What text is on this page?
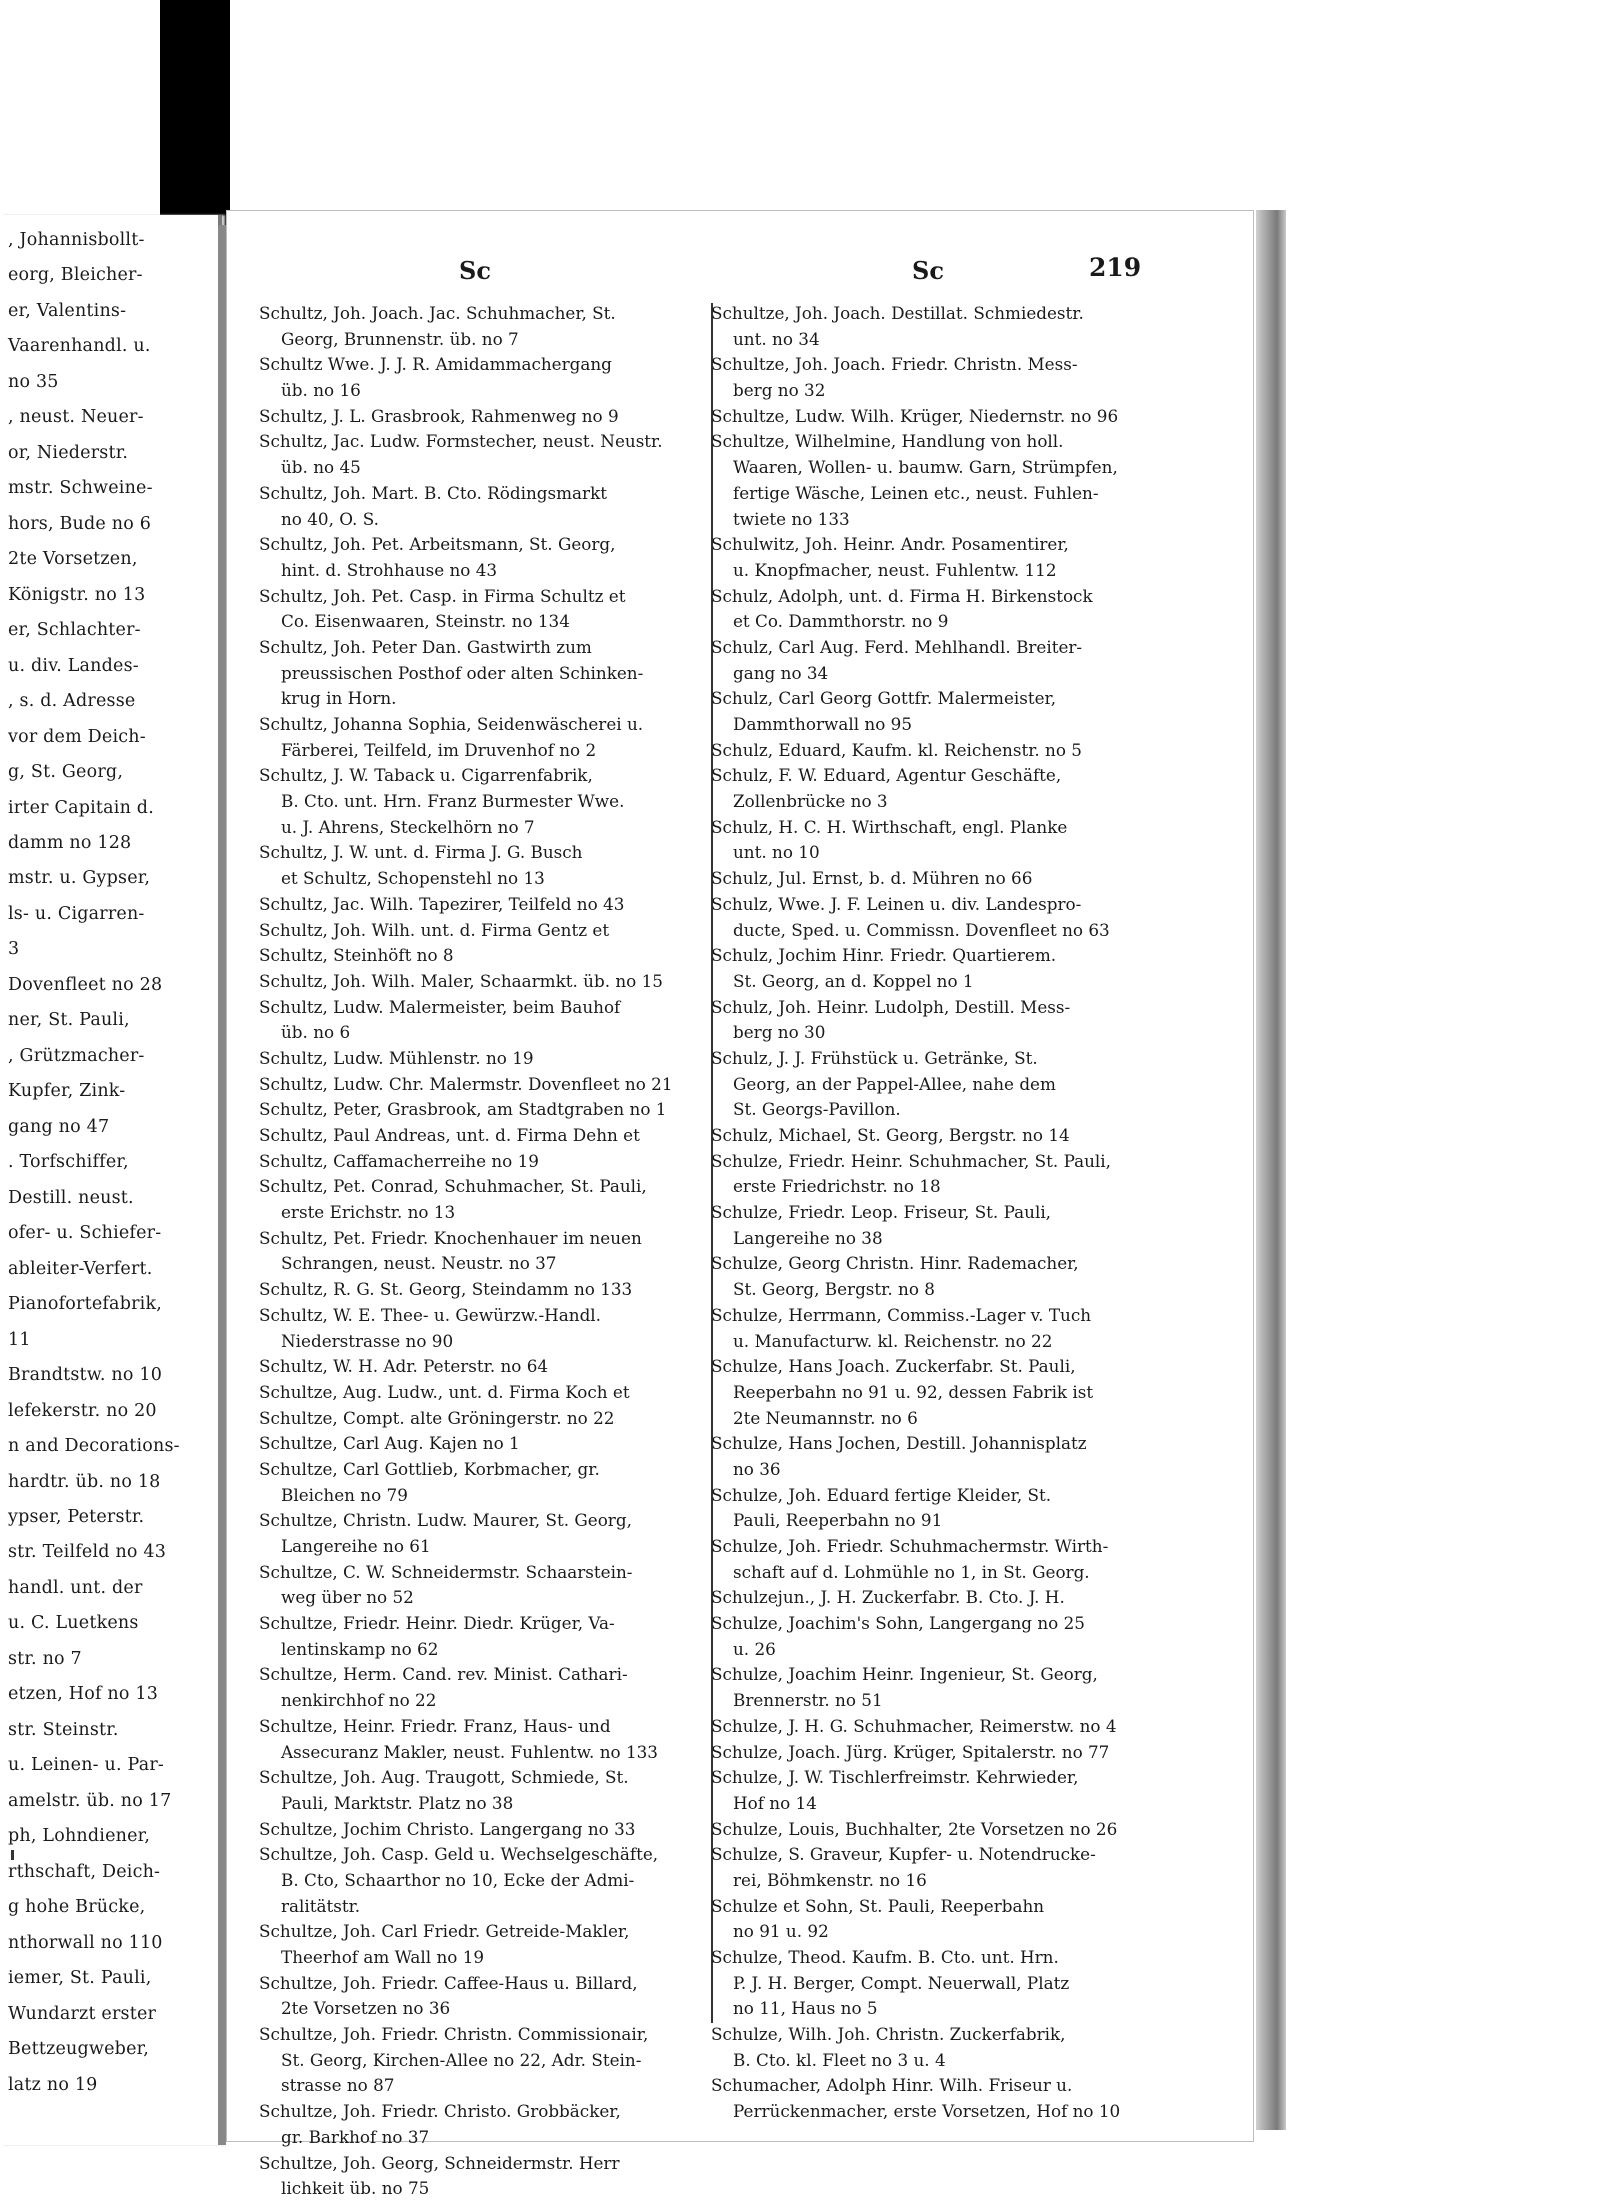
, Johannisbollt-
eorg, Bleicher-
er, Valentins-
Vaarenhandl. u.
no 35
, neust. Neuer-
or, Niederstr.
mstr. Schweine-
hors, Bude no 6
2te Vorsetzen,
Königstr. no 13
er, Schlachter-
u. div. Landes-
, s. d. Adresse
vor dem Deich-
g, St. Georg,
irter Capitain d.
damm no 128
mstr. u. Gypser,
ls- u. Cigarren-
3
Dovenfleet no 28
ner, St. Pauli,
, Grützmacher-
Kupfer, Zink-
gang no 47
. Torfschiffer,
Destill. neust.
ofer- u. Schiefer-
ableiter-Verfert.
Pianofortefabrik,
11
Brandtstw. no 10
lefekerstr. no 20
n and Decorations-
hardtr. üb. no 18
ypser, Peterstr.
str. Teilfeld no 43
handl. unt. der
u. C. Luetkens
str. no 7
etzen, Hof no 13
str. Steinstr.
u. Leinen- u. Par-
amelstr. üb. no 17
ph, Lohndiener,
rthschaft, Deich-
g hohe Brücke,
nthorwall no 110
iemer, St. Pauli,
Wundarzt erster
Bettzeugweber,
latz no 19
Sc	Sc	219
Schultz, Joh. Joach. Jac. Schuhmacher, St.
Georg, Brunnenstr. üb. no 7
Schultz Wwe. J. J. R. Amidammachergang
üb. no 16
Schultz, J. L. Grasbrook, Rahmenweg no 9
Schultz, Jac. Ludw. Formstecher, neust. Neustr.
üb. no 45
Schultz, Joh. Mart. B. Cto. Rödingsmarkt
no 40, O. S.
Schultz, Joh. Pet. Arbeitsmann, St. Georg,
hint. d. Strohhause no 43
Schultz, Joh. Pet. Casp. in Firma Schultz et
Co. Eisenwaaren, Steinstr. no 134
Schultz, Joh. Peter Dan. Gastwirth zum
preussischen Posthof oder alten Schinken-
krug in Horn.
Schultz, Johanna Sophia, Seidenwäscherei u.
Färberei, Teilfeld, im Druvenhof no 2
Schultz, J. W. Taback u. Cigarrenfabrik,
B. Cto. unt. Hrn. Franz Burmester Wwe.
u. J. Ahrens, Steckelhörn no 7
Schultz, J. W. unt. d. Firma J. G. Busch
et Schultz, Schopenstehl no 13
Schultz, Jac. Wilh. Tapezirer, Teilfeld no 43
Schultz, Joh. Wilh. unt. d. Firma Gentz et
Schultz, Steinhöft no 8
Schultz, Joh. Wilh. Maler, Schaarmkt. üb. no 15
Schultz, Ludw. Malermeister, beim Bauhof
üb. no 6
Schultz, Ludw. Mühlenstr. no 19
Schultz, Ludw. Chr. Malermstr. Dovenfleet no 21
Schultz, Peter, Grasbrook, am Stadtgraben no 1
Schultz, Paul Andreas, unt. d. Firma Dehn et
Schultz, Caffamacherreihe no 19
Schultz, Pet. Conrad, Schuhmacher, St. Pauli,
erste Erichstr. no 13
Schultz, Pet. Friedr. Knochenhauer im neuen
Schrangen, neust. Neustr. no 37
Schultz, R. G. St. Georg, Steindamm no 133
Schultz, W. E. Thee- u. Gewürzw.-Handl.
Niederstrasse no 90
Schultz, W. H. Adr. Peterstr. no 64
Schultze, Aug. Ludw., unt. d. Firma Koch et
Schultze, Compt. alte Gröningerstr. no 22
Schultze, Carl Aug. Kajen no 1
Schultze, Carl Gottlieb, Korbmacher, gr.
Bleichen no 79
Schultze, Christn. Ludw. Maurer, St. Georg,
Langereihe no 61
Schultze, C. W. Schneidermstr. Schaarstein-
weg über no 52
Schultze, Friedr. Heinr. Diedr. Krüger, Va-
lentinskamp no 62
Schultze, Herm. Cand. rev. Minist. Cathari-
nenkirchhof no 22
Schultze, Heinr. Friedr. Franz, Haus- und
Assecuranz Makler, neust. Fuhlentw. no 133
Schultze, Joh. Aug. Traugott, Schmiede, St.
Pauli, Marktstr. Platz no 38
Schultze, Jochim Christo. Langergang no 33
Schultze, Joh. Casp. Geld u. Wechselgeschäfte,
B. Cto, Schaarthor no 10, Ecke der Admi-
ralitätstr.
Schultze, Joh. Carl Friedr. Getreide-Makler,
Theerhof am Wall no 19
Schultze, Joh. Friedr. Caffee-Haus u. Billard,
2te Vorsetzen no 36
Schultze, Joh. Friedr. Christn. Commissionair,
St. Georg, Kirchen-Allee no 22, Adr. Stein-
strasse no 87
Schultze, Joh. Friedr. Christo. Grobbäcker,
gr. Barkhof no 37
Schultze, Joh. Georg, Schneidermstr. Herr
lichkeit üb. no 75
Schultze, Joh. Joach. Destillat. Schmiedestr.
unt. no 34
Schultze, Joh. Joach. Friedr. Christn. Mess-
berg no 32
Schultze, Ludw. Wilh. Krüger, Niedernstr. no 96
Schultze, Wilhelmine, Handlung von holl.
Waaren, Wollen- u. baumw. Garn, Strümpfen,
fertige Wäsche, Leinen etc., neust. Fuhlen-
twiete no 133
Schulwitz, Joh. Heinr. Andr. Posamentirer,
u. Knopfmacher, neust. Fuhlentw. 112
Schulz, Adolph, unt. d. Firma H. Birkenstock
et Co. Dammthorstr. no 9
Schulz, Carl Aug. Ferd. Mehlhandl. Breiter-
gang no 34
Schulz, Carl Georg Gottfr. Malermeister,
Dammthorwall no 95
Schulz, Eduard, Kaufm. kl. Reichenstr. no 5
Schulz, F. W. Eduard, Agentur Geschäfte,
Zollenbrücke no 3
Schulz, H. C. H. Wirthschaft, engl. Planke
unt. no 10
Schulz, Jul. Ernst, b. d. Mühren no 66
Schulz, Wwe. J. F. Leinen u. div. Landespro-
ducte, Sped. u. Commissn. Dovenfleet no 63
Schulz, Jochim Hinr. Friedr. Quartierem.
St. Georg, an d. Koppel no 1
Schulz, Joh. Heinr. Ludolph, Destill. Mess-
berg no 30
Schulz, J. J. Frühstück u. Getränke, St.
Georg, an der Pappel-Allee, nahe dem
St. Georgs-Pavillon.
Schulz, Michael, St. Georg, Bergstr. no 14
Schulze, Friedr. Heinr. Schuhmacher, St. Pauli,
erste Friedrichstr. no 18
Schulze, Friedr. Leop. Friseur, St. Pauli,
Langereihe no 38
Schulze, Georg Christn. Hinr. Rademacher,
St. Georg, Bergstr. no 8
Schulze, Herrmann, Commiss.-Lager v. Tuch
u. Manufacturw. kl. Reichenstr. no 22
Schulze, Hans Joach. Zuckerfabr. St. Pauli,
Reeperbahn no 91 u. 92, dessen Fabrik ist
2te Neumannstr. no 6
Schulze, Hans Jochen, Destill. Johannisplatz
no 36
Schulze, Joh. Eduard fertige Kleider, St.
Pauli, Reeperbahn no 91
Schulze, Joh. Friedr. Schuhmachermstr. Wirth-
schaft auf d. Lohmühle no 1, in St. Georg.
Schulzejun., J. H. Zuckerfabr. B. Cto. J. H.
Schulze, Joachim's Sohn, Langergang no 25
u. 26
Schulze, Joachim Heinr. Ingenieur, St. Georg,
Brennerstr. no 51
Schulze, J. H. G. Schuhmacher, Reimerstw. no 4
Schulze, Joach. Jürg. Krüger, Spitalerstr. no 77
Schulze, J. W. Tischlerfreimstr. Kehrwieder,
Hof no 14
Schulze, Louis, Buchhalter, 2te Vorsetzen no 26
Schulze, S. Graveur, Kupfer- u. Notendrucke-
rei, Böhmkenstr. no 16
Schulze et Sohn, St. Pauli, Reeperbahn
no 91 u. 92
Schulze, Theod. Kaufm. B. Cto. unt. Hrn.
P. J. H. Berger, Compt. Neuerwall, Platz
no 11, Haus no 5
Schulze, Wilh. Joh. Christn. Zuckerfabrik,
B. Cto. kl. Fleet no 3 u. 4
Schumacher, Adolph Hinr. Wilh. Friseur u.
Perrückenmacher, erste Vorsetzen, Hof no 10
